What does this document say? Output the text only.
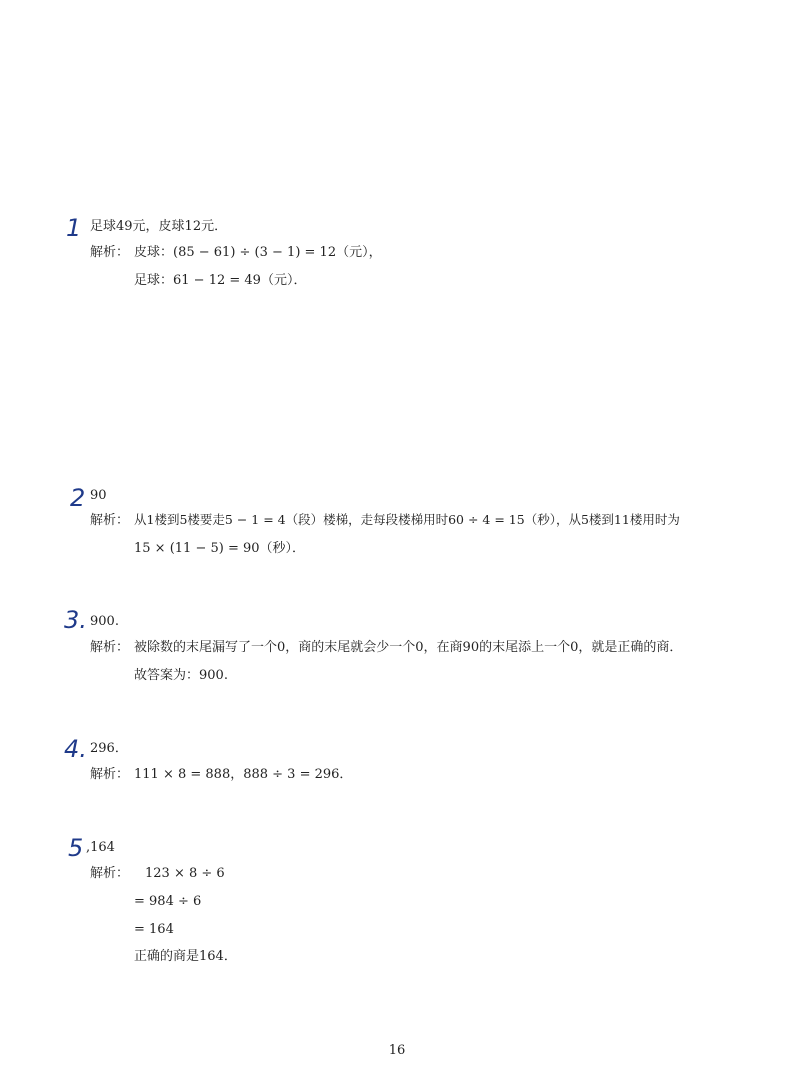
1 足球49元，皮球12元．
解析： 皮球：(85 − 61) ÷ (3 − 1) = 12（元），
足球：61 − 12 = 49（元）．
2 90
解析： 从1楼到5楼要走5 − 1 = 4（段）楼梯，走每段楼梯用时60 ÷ 4 = 15（秒），从5楼到11楼用时为
15 × (11 − 5) = 90（秒）．
3. 900.
解析： 被除数的末尾漏写了一个0，商的末尾就会少一个0，在商90的末尾添上一个0，就是正确的商．
故答案为：900.
4. 296．
解析： 111 × 8 = 888，888 ÷ 3 = 296．
5 ,164
解析： 123 × 8 ÷ 6
= 984 ÷ 6
= 164
正确的商是164．
16
